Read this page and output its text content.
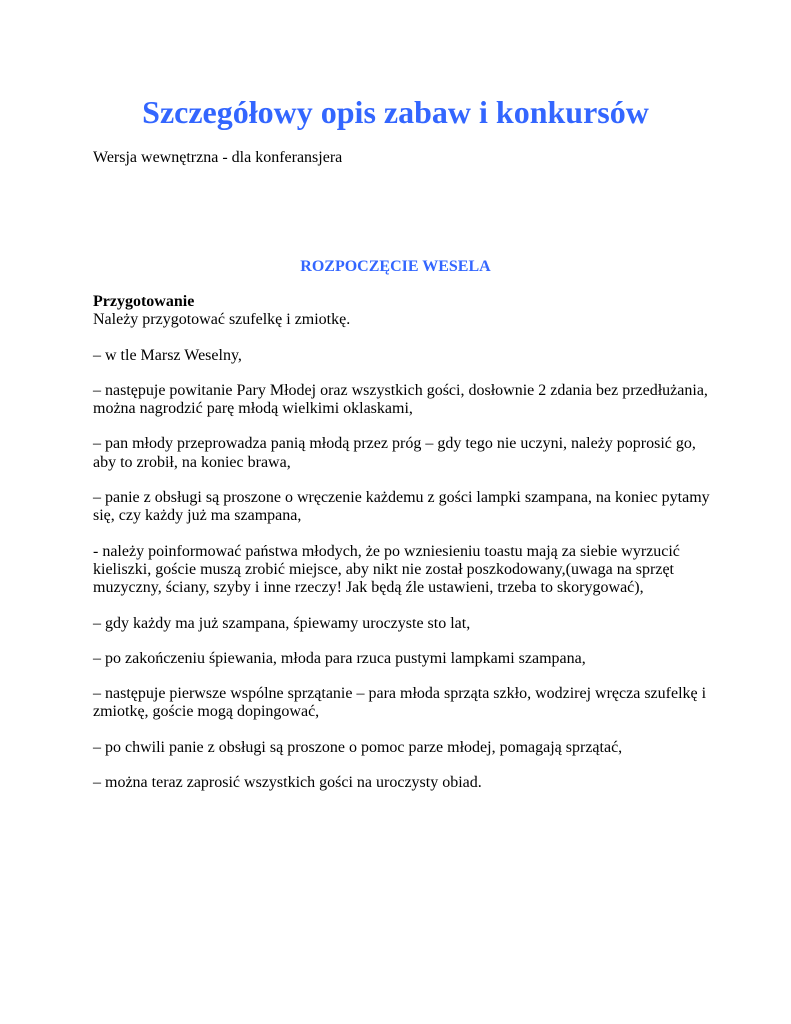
Szczegółowy opis zabaw i konkursów

Wersja wewnętrzna - dla konferansjera

ROZPOCZĘCIE WESELA

Przygotowanie

Należy przygotować szufelkę i zmiotkę.

– w tle Marsz Weselny,

– następuje powitanie Pary Młodej oraz wszystkich gości, dosłownie 2 zdania bez przedłużania, można nagrodzić parę młodą wielkimi oklaskami,

– pan młody przeprowadza panią młodą przez próg – gdy tego nie uczyni, należy poprosić go, aby to zrobił, na koniec brawa,

– panie z obsługi są proszone o wręczenie każdemu z gości lampki szampana, na koniec pytamy się, czy każdy już ma szampana,

- należy poinformować państwa młodych, że po wzniesieniu toastu mają za siebie wyrzucić kieliszki, goście muszą zrobić miejsce, aby nikt nie został poszkodowany,(uwaga na sprzęt muzyczny, ściany, szyby i inne rzeczy! Jak będą źle ustawieni, trzeba to skorygować),

– gdy każdy ma już szampana, śpiewamy uroczyste sto lat,

– po zakończeniu śpiewania, młoda para rzuca pustymi lampkami szampana,

– następuje pierwsze wspólne sprzątanie – para młoda sprząta szkło, wodzirej wręcza szufelkę i zmiotkę, goście mogą dopingować,

– po chwili panie z obsługi są proszone o pomoc parze młodej, pomagają sprzątać,

– można teraz zaprosić wszystkich gości na uroczysty obiad.
